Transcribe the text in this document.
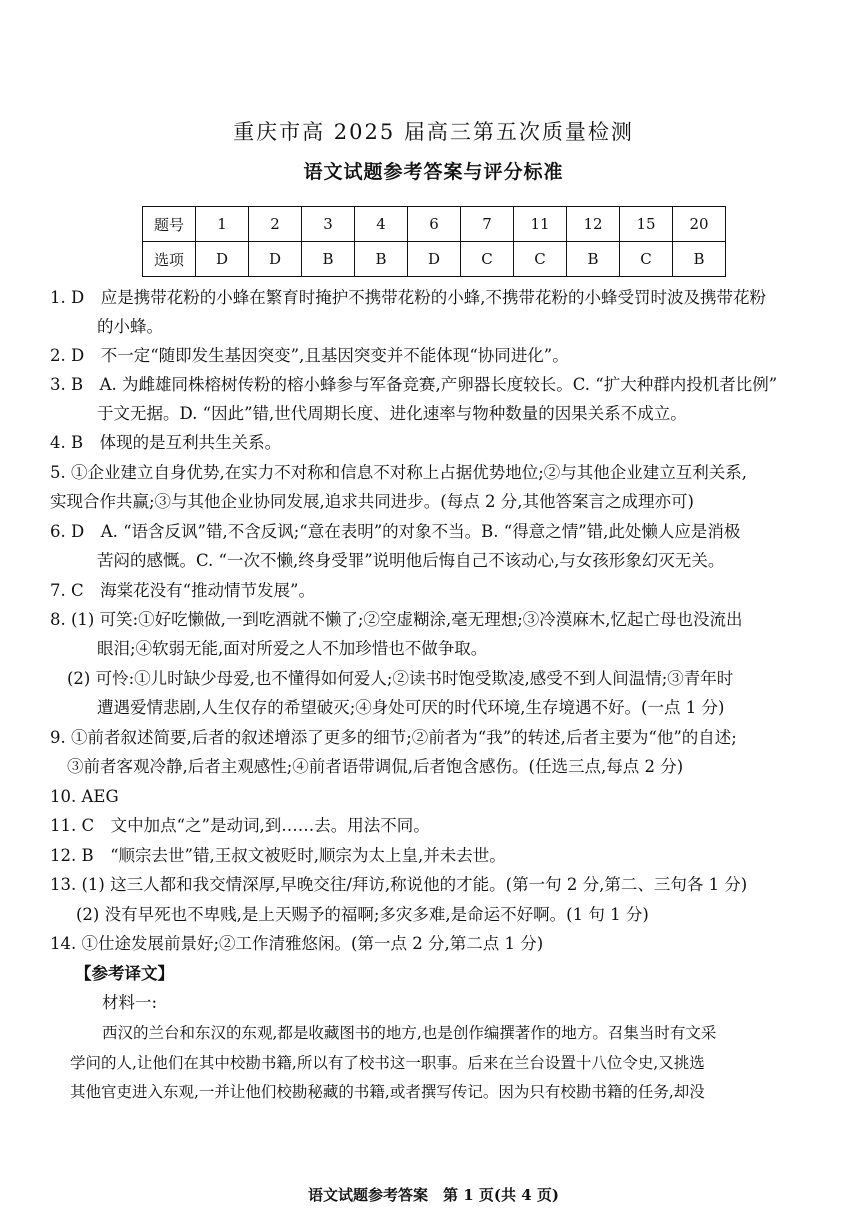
重庆市高 2025 届高三第五次质量检测
语文试题参考答案与评分标准
题号	1	2	3	4	6	7	11	12	15	20
选项	D	D	B	B	D	C	C	B	C	B
1. D　应是携带花粉的小蜂在繁育时掩护不携带花粉的小蜂,不携带花粉的小蜂受罚时波及携带花粉
的小蜂。
2. D　不一定“随即发生基因突变”,且基因突变并不能体现“协同进化”。
3. B　A. 为雌雄同株榕树传粉的榕小蜂参与军备竞赛,产卵器长度较长。C. “扩大种群内投机者比例”
于文无据。D. “因此”错,世代周期长度、进化速率与物种数量的因果关系不成立。
4. B　体现的是互利共生关系。
5. ①企业建立自身优势,在实力不对称和信息不对称上占据优势地位;②与其他企业建立互利关系,
实现合作共赢;③与其他企业协同发展,追求共同进步。(每点 2 分,其他答案言之成理亦可)
6. D　A. “语含反讽”错,不含反讽;“意在表明”的对象不当。B. “得意之情”错,此处懒人应是消极
苦闷的感慨。C. “一次不懒,终身受罪”说明他后悔自己不该动心,与女孩形象幻灭无关。
7. C　海棠花没有“推动情节发展”。
8. (1) 可笑:①好吃懒做,一到吃酒就不懒了;②空虚糊涂,毫无理想;③冷漠麻木,忆起亡母也没流出
眼泪;④软弱无能,面对所爱之人不加珍惜也不做争取。
(2) 可怜:①儿时缺少母爱,也不懂得如何爱人;②读书时饱受欺凌,感受不到人间温情;③青年时
遭遇爱情悲剧,人生仅存的希望破灭;④身处可厌的时代环境,生存境遇不好。(一点 1 分)
9. ①前者叙述简要,后者的叙述增添了更多的细节;②前者为“我”的转述,后者主要为“他”的自述;
③前者客观冷静,后者主观感性;④前者语带调侃,后者饱含感伤。(任选三点,每点 2 分)
10. AEG
11. C　文中加点“之”是动词,到……去。用法不同。
12. B　“顺宗去世”错,王叔文被贬时,顺宗为太上皇,并未去世。
13. (1) 这三人都和我交情深厚,早晚交往/拜访,称说他的才能。(第一句 2 分,第二、三句各 1 分)
(2) 没有早死也不卑贱,是上天赐予的福啊;多灾多难,是命运不好啊。(1 句 1 分)
14. ①仕途发展前景好;②工作清雅悠闲。(第一点 2 分,第二点 1 分)
【参考译文】
材料一:
西汉的兰台和东汉的东观,都是收藏图书的地方,也是创作编撰著作的地方。召集当时有文采
学问的人,让他们在其中校勘书籍,所以有了校书这一职事。后来在兰台设置十八位令史,又挑选
其他官吏进入东观,一并让他们校勘秘藏的书籍,或者撰写传记。因为只有校勘书籍的任务,却没
语文试题参考答案　第 1 页(共 4 页)
